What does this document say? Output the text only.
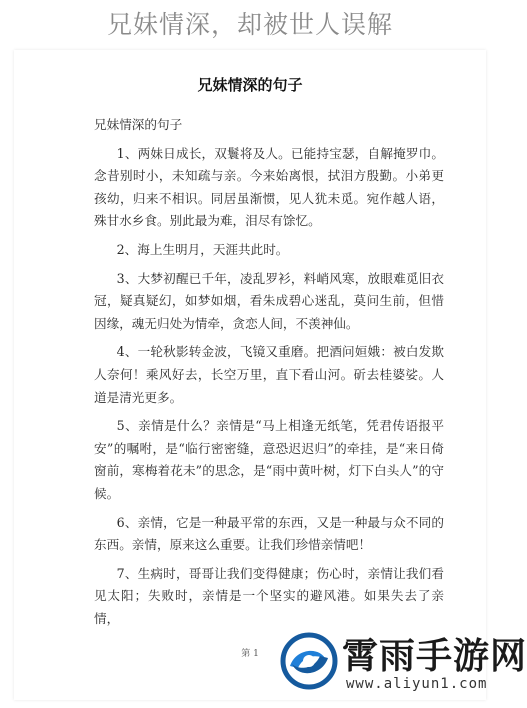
兄妹情深，却被世人误解
兄妹情深的句子

兄妹情深的句子

1、两妹日成长，双鬟将及人。已能持宝瑟，自解掩罗巾。念昔别时小，未知疏与亲。今来始离恨，拭泪方殷勤。小弟更孩幼，归来不相识。同居虽渐惯，见人犹未觅。宛作越人语，殊甘水乡食。别此最为难，泪尽有馀忆。

2、海上生明月，天涯共此时。

3、大梦初醒已千年，凌乱罗衫，料峭风寒，放眼难觅旧衣冠，疑真疑幻，如梦如烟，看朱成碧心迷乱，莫问生前，但惜因缘，魂无归处为情牵，贪恋人间，不羡神仙。

4、一轮秋影转金波，飞镜又重磨。把酒问姮娥：被白发欺人奈何！乘风好去，长空万里，直下看山河。斫去桂婆娑。人道是清光更多。

5、亲情是什么？亲情是“马上相逢无纸笔，凭君传语报平安”的嘱咐，是“临行密密缝，意恐迟迟归”的牵挂，是“来日倚窗前，寒梅着花未”的思念，是“雨中黄叶树，灯下白头人”的守候。

6、亲情，它是一种最平常的东西，又是一种最与众不同的东西。亲情，原来这么重要。让我们珍惜亲情吧！

7、生病时，哥哥让我们变得健康；伤心时，亲情让我们看见太阳；失败时，亲情是一个坚实的避风港。如果失去了亲情，

第 1	霄雨手游网
www.aliyun1.com
